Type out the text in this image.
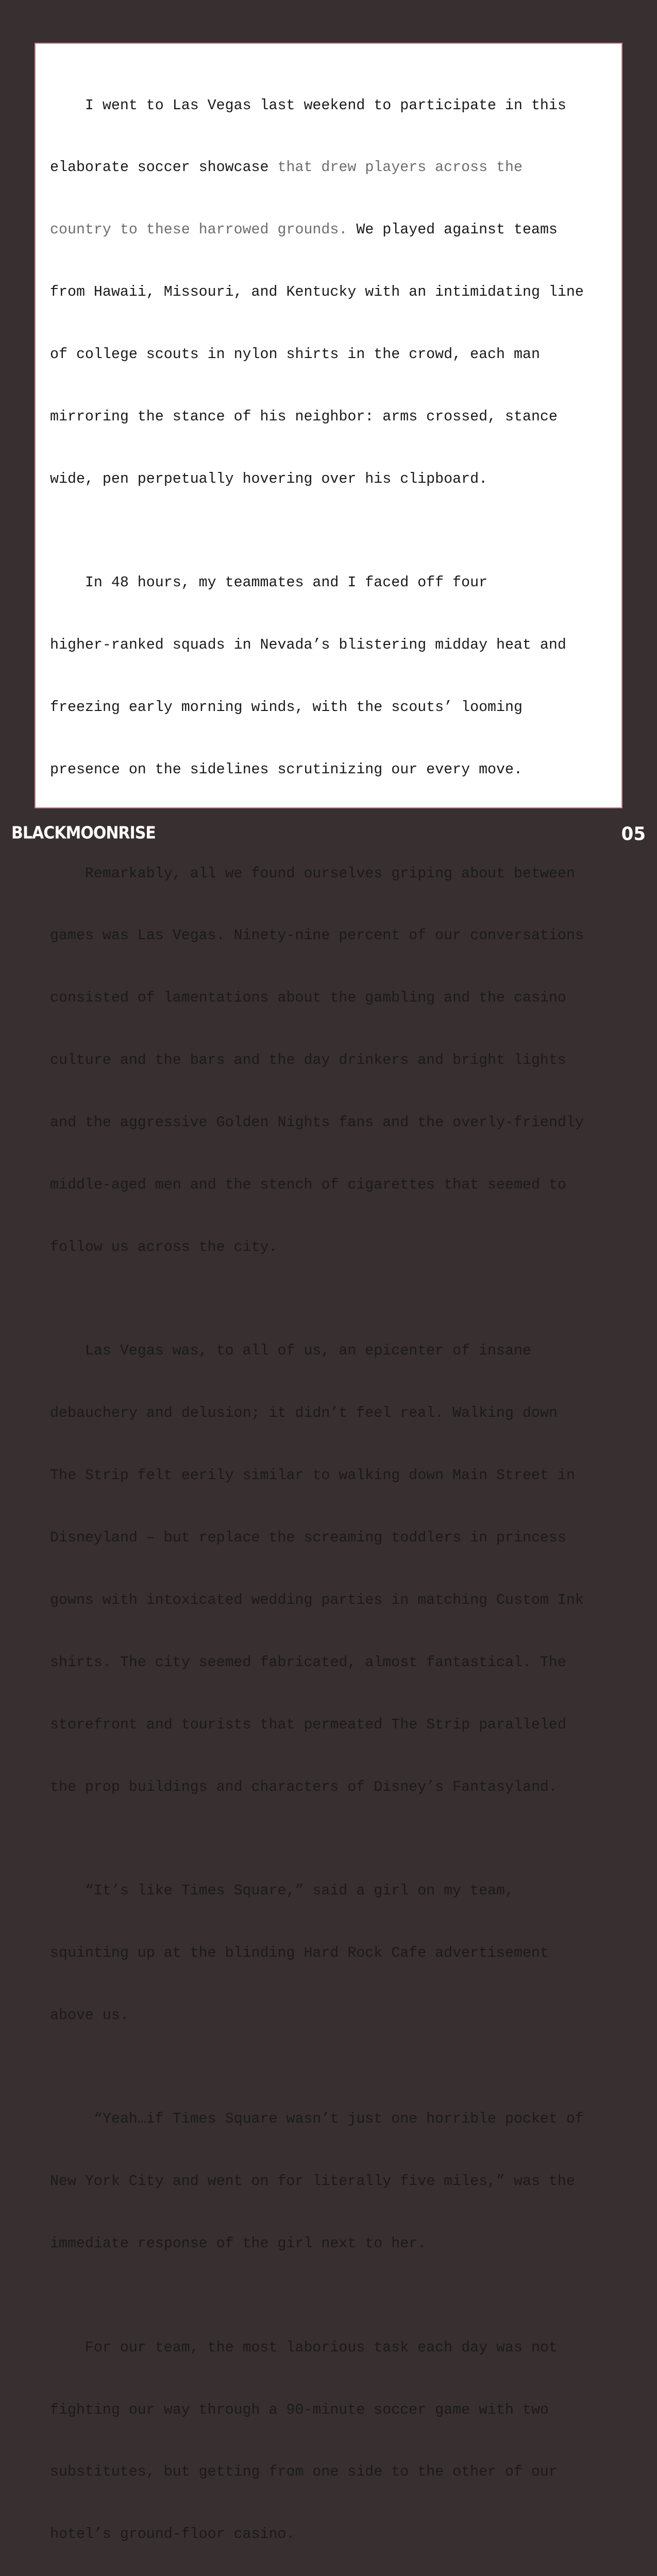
I went to Las Vegas last weekend to participate in this

elaborate soccer showcase that drew players across the

country to these harrowed grounds. We played against teams

from Hawaii, Missouri, and Kentucky with an intimidating line

of college scouts in nylon shirts in the crowd, each man

mirroring the stance of his neighbor: arms crossed, stance

wide, pen perpetually hovering over his clipboard.

In 48 hours, my teammates and I faced off four

higher-ranked squads in Nevada’s blistering midday heat and

freezing early morning winds, with the scouts’ looming

presence on the sidelines scrutinizing our every move.

Remarkably, all we found ourselves griping about between

games was Las Vegas. Ninety-nine percent of our conversations

consisted of lamentations about the gambling and the casino

culture and the bars and the day drinkers and bright lights

and the aggressive Golden Nights fans and the overly-friendly

middle-aged men and the stench of cigarettes that seemed to

follow us across the city.

Las Vegas was, to all of us, an epicenter of insane

debauchery and delusion; it didn’t feel real. Walking down

The Strip felt eerily similar to walking down Main Street in

Disneyland – but replace the screaming toddlers in princess

gowns with intoxicated wedding parties in matching Custom Ink

shirts. The city seemed fabricated, almost fantastical. The

storefront and tourists that permeated The Strip paralleled

the prop buildings and characters of Disney’s Fantasyland.

“It’s like Times Square,” said a girl on my team,

squinting up at the blinding Hard Rock Cafe advertisement

above us.

“Yeah…if Times Square wasn’t just one horrible pocket of

New York City and went on for literally five miles,” was the

immediate response of the girl next to her.

For our team, the most laborious task each day was not

fighting our way through a 90-minute soccer game with two

substitutes, but getting from one side to the other of our

hotel’s ground-floor casino.

BLACKMOONRISE	05
